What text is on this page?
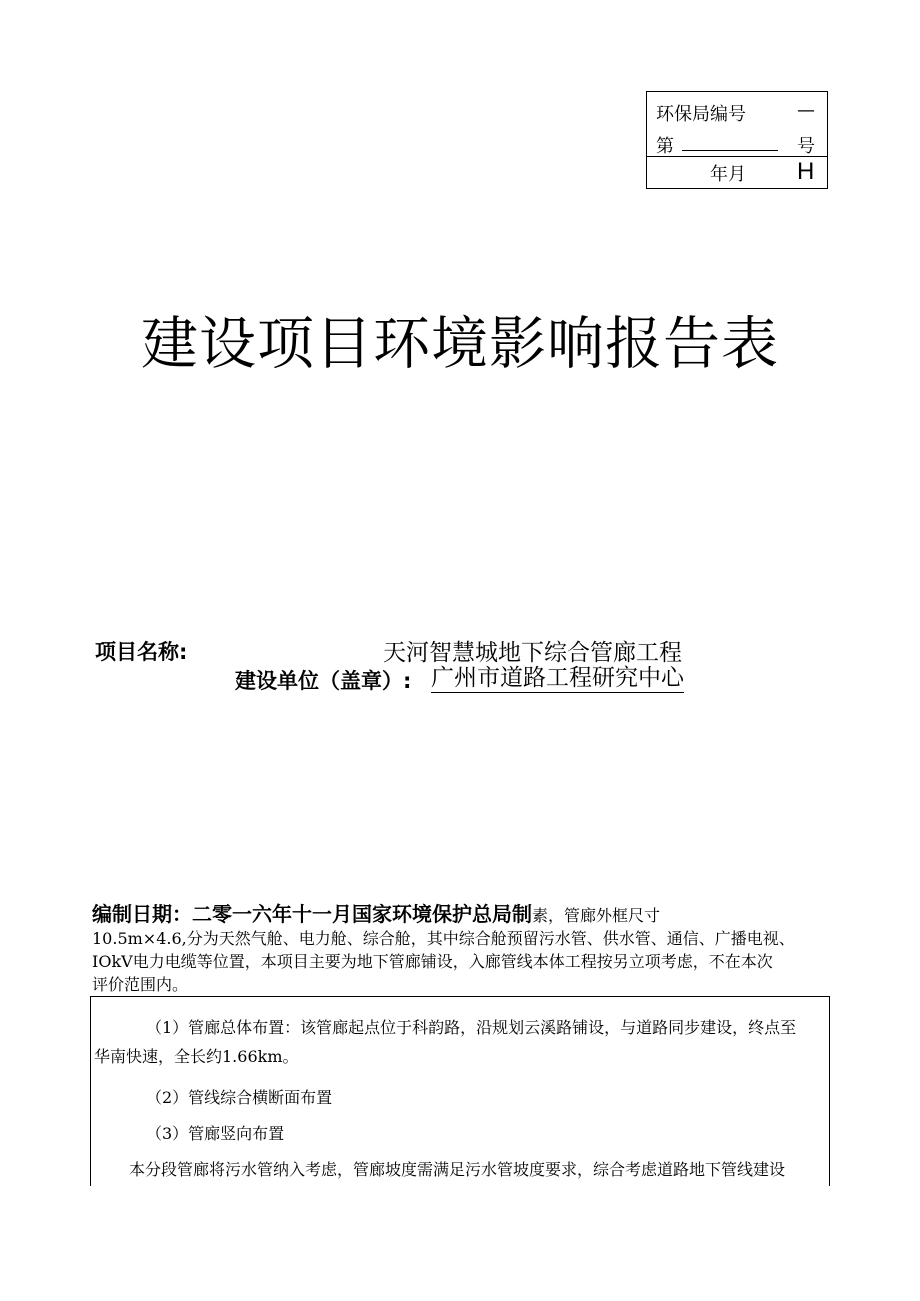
环保局编号	—
第	号
年月 H
建设项目环境影响报告表
项目名称:	天河智慧城地下综合管廊工程
建设单位（盖章）: 广州市道路工程研究中心
编制日期：二零一六年十一月国家环境保护总局制素，管廊外框尺寸
10.5m×4.6,分为天然气舱、电力舱、综合舱，其中综合舱预留污水管、供水管、通信、广播电视、
IOkV电力电缆等位置，本项目主要为地下管廊铺设，入廊管线本体工程按另立项考虑，不在本次
评价范围内。
（1）管廊总体布置：该管廊起点位于科韵路，沿规划云溪路铺设，与道路同步建设，终点至
华南快速，全长约1.66km。
（2）管线综合横断面布置
（3）管廊竖向布置
本分段管廊将污水管纳入考虑，管廊坡度需满足污水管坡度要求，综合考虑道路地下管线建设
